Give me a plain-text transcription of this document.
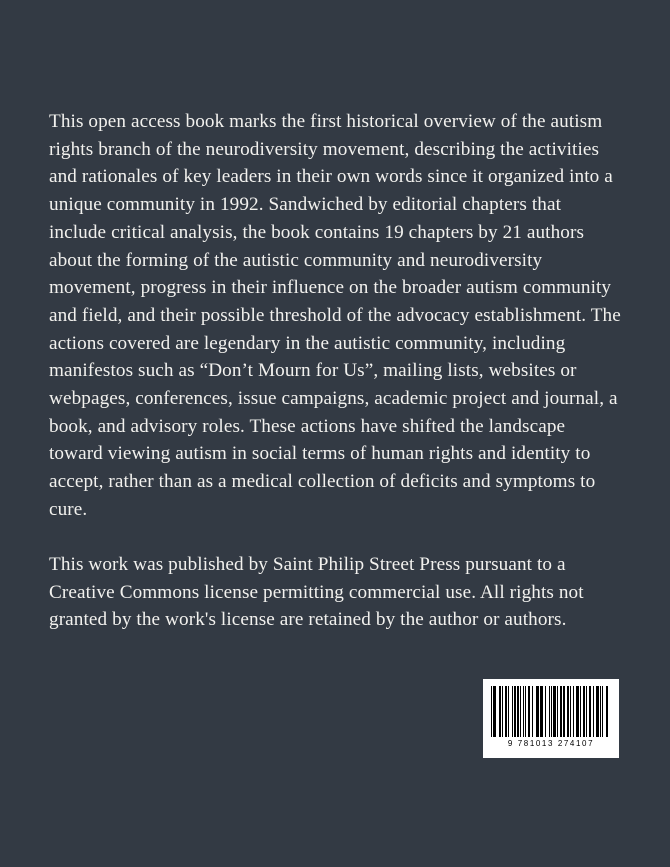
This open access book marks the first historical overview of the autism rights branch of the neurodiversity movement, describing the activities and rationales of key leaders in their own words since it organized into a unique community in 1992. Sandwiched by editorial chapters that include critical analysis, the book contains 19 chapters by 21 authors about the forming of the autistic community and neurodiversity movement, progress in their influence on the broader autism community and field, and their possible threshold of the advocacy establishment. The actions covered are legendary in the autistic community, including manifestos such as “Don’t Mourn for Us”, mailing lists, websites or webpages, conferences, issue campaigns, academic project and journal, a book, and advisory roles. These actions have shifted the landscape toward viewing autism in social terms of human rights and identity to accept, rather than as a medical collection of deficits and symptoms to cure.

This work was published by Saint Philip Street Press pursuant to a Creative Commons license permitting commercial use. All rights not granted by the work's license are retained by the author or authors.

9 781013 274107
